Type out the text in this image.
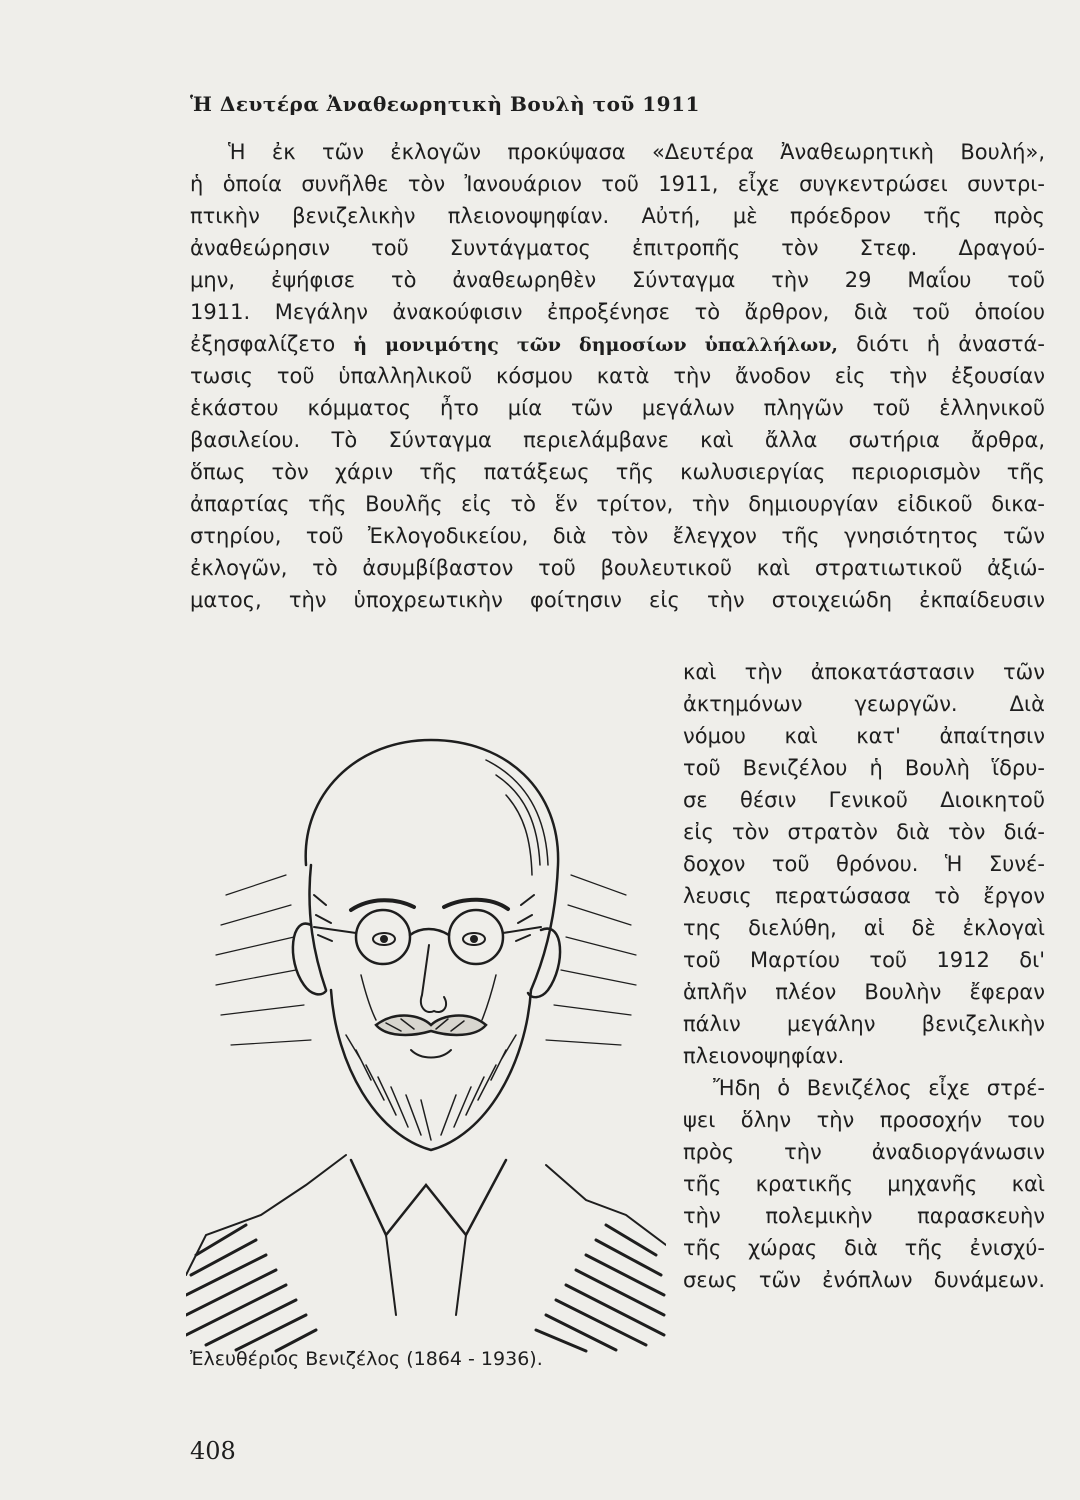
Ἡ Δευτέρα Ἀναθεωρητικὴ Βουλὴ τοῦ 1911
Ἡ ἐκ τῶν ἐκλογῶν προκύψασα «Δευτέρα Ἀναθεωρητικὴ Βουλή»,
ἡ ὁποία συνῆλθε τὸν Ἰανουάριον τοῦ 1911, εἶχε συγκεντρώσει συντρι-
πτικὴν βενιζελικὴν πλειονοψηφίαν. Αὐτή, μὲ πρόεδρον τῆς πρὸς
ἀναθεώρησιν τοῦ Συντάγματος ἐπιτροπῆς τὸν Στεφ. Δραγού-
μην, ἐψήφισε τὸ ἀναθεωρηθὲν Σύνταγμα τὴν 29 Μαΐου τοῦ
1911. Μεγάλην ἀνακούφισιν ἐπροξένησε τὸ ἄρθρον, διὰ τοῦ ὁποίου
ἐξησφαλίζετο ἡ μονιμότης τῶν δημοσίων ὑπαλλήλων, διότι ἡ ἀναστά-
τωσις τοῦ ὑπαλληλικοῦ κόσμου κατὰ τὴν ἄνοδον εἰς τὴν ἐξουσίαν
ἑκάστου κόμματος ἦτο μία τῶν μεγάλων πληγῶν τοῦ ἑλληνικοῦ
βασιλείου. Τὸ Σύνταγμα περιελάμβανε καὶ ἄλλα σωτήρια ἄρθρα,
ὅπως τὸν χάριν τῆς πατάξεως τῆς κωλυσιεργίας περιορισμὸν τῆς
ἀπαρτίας τῆς Βουλῆς εἰς τὸ ἕν τρίτον, τὴν δημιουργίαν εἰδικοῦ δικα-
στηρίου, τοῦ Ἐκλογοδικείου, διὰ τὸν ἔλεγχον τῆς γνησιότητος τῶν
ἐκλογῶν, τὸ ἀσυμβίβαστον τοῦ βουλευτικοῦ καὶ στρατιωτικοῦ ἀξιώ-
ματος, τὴν ὑποχρεωτικὴν φοίτησιν εἰς τὴν στοιχειώδη ἐκπαίδευσιν
καὶ τὴν ἀποκατάστασιν τῶν
ἀκτημόνων γεωργῶν. Διὰ
νόμου καὶ κατ' ἀπαίτησιν
τοῦ Βενιζέλου ἡ Βουλὴ ἵδρυ-
σε θέσιν Γενικοῦ Διοικητοῦ
εἰς τὸν στρατὸν διὰ τὸν διά-
δοχον τοῦ θρόνου. Ἡ Συνέ-
λευσις περατώσασα τὸ ἔργον
της διελύθη, αἱ δὲ ἐκλογαὶ
τοῦ Μαρτίου τοῦ 1912 δι'
ἁπλῆν πλέον Βουλὴν ἔφεραν
πάλιν μεγάλην βενιζελικὴν
πλειονοψηφίαν.
Ἤδη ὁ Βενιζέλος εἶχε στρέ-
ψει ὅλην τὴν προσοχήν του
πρὸς τὴν ἀναδιοργάνωσιν
τῆς κρατικῆς μηχανῆς καὶ
τὴν πολεμικὴν παρασκευὴν
τῆς χώρας διὰ τῆς ἐνισχύ-
σεως τῶν ἐνόπλων δυνάμεων.
Ἐλευθέριος Βενιζέλος (1864 - 1936).
408
